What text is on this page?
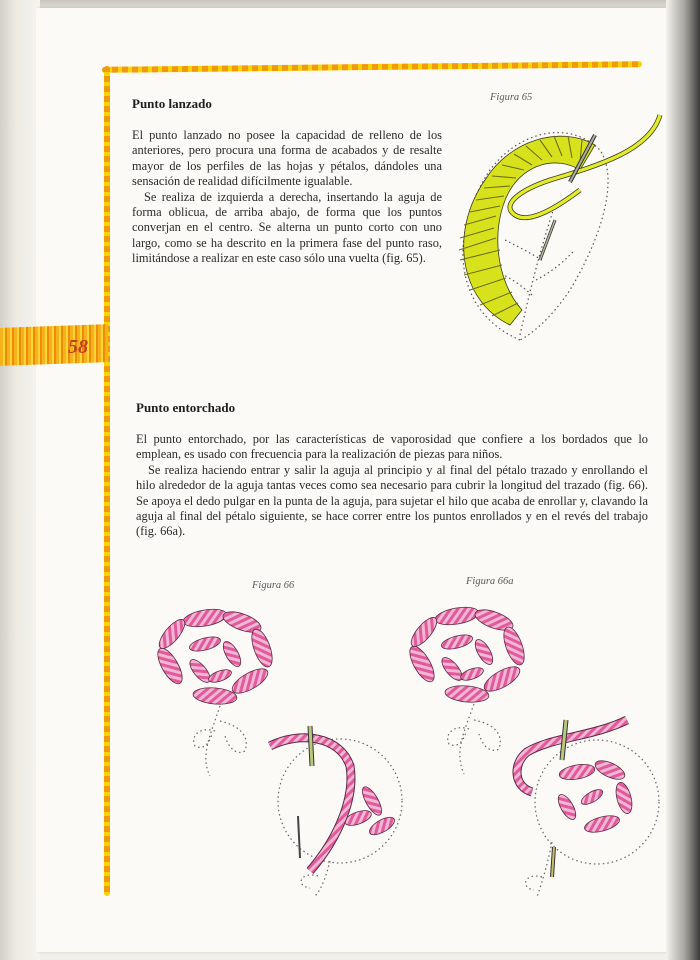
58
Punto lanzado

El punto lanzado no posee la capacidad de relleno de los anteriores, pero procura una forma de acabados y de resalte mayor de los perfiles de las hojas y pétalos, dándoles una sensación de realidad difícilmente igualable.

Se realiza de izquierda a derecha, insertando la aguja de forma oblicua, de arriba abajo, de forma que los puntos converjan en el centro. Se alterna un punto corto con uno largo, como se ha descrito en la primera fase del punto raso, limitándose a realizar en este caso sólo una vuelta (fig. 65).

Figura 65
Punto entorchado

El punto entorchado, por las características de vaporosidad que confiere a los bordados que lo emplean, es usado con frecuencia para la realización de piezas para niños.

Se realiza haciendo entrar y salir la aguja al principio y al final del pétalo trazado y enrollando el hilo alrededor de la aguja tantas veces como sea necesario para cubrir la longitud del trazado (fig. 66). Se apoya el dedo pulgar en la punta de la aguja, para sujetar el hilo que acaba de enrollar y, clavando la aguja al final del pétalo siguiente, se hace correr entre los puntos enrollados y en el revés del trabajo (fig. 66a).

Figura 66	Figura 66a
